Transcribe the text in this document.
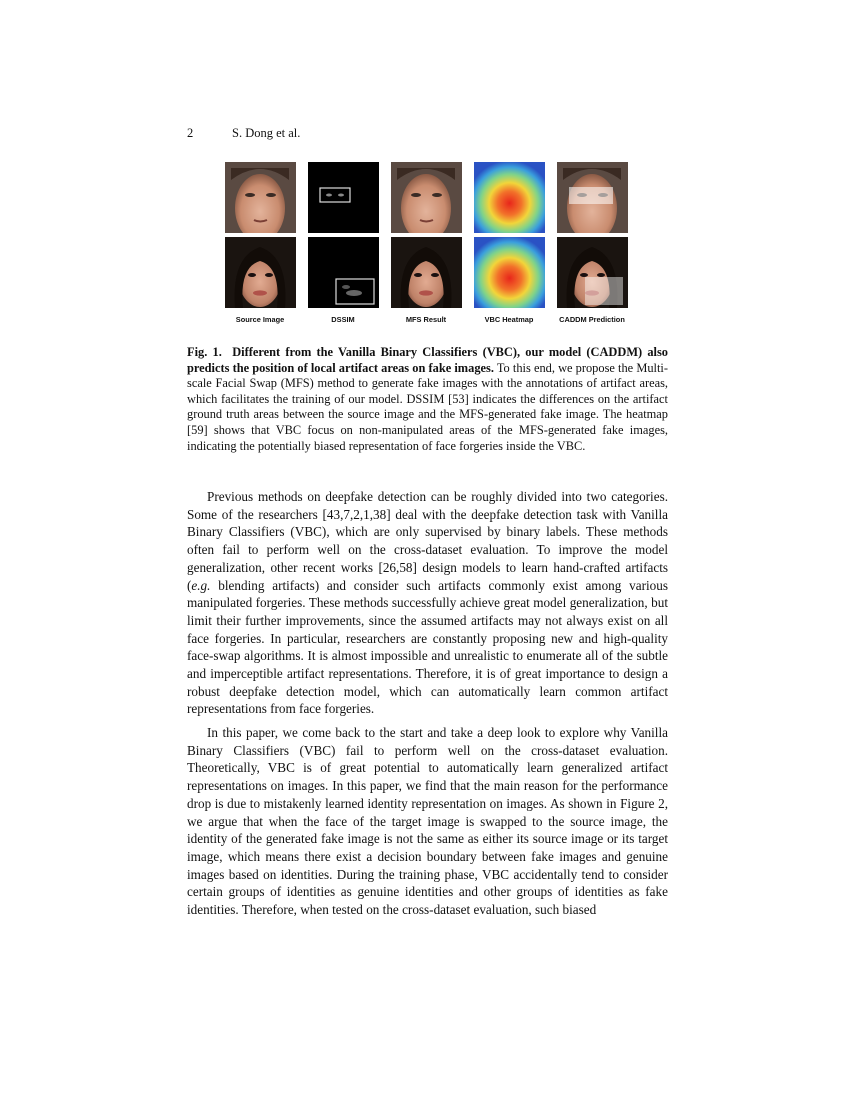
2	S. Dong et al.
Source Image	DSSIM	MFS Result	VBC Heatmap	CADDM Prediction
Fig. 1. Different from the Vanilla Binary Classifiers (VBC), our model (CADDM) also predicts the position of local artifact areas on fake images. To this end, we propose the Multi-scale Facial Swap (MFS) method to generate fake images with the annotations of artifact areas, which facilitates the training of our model. DSSIM [53] indicates the differences on the artifact ground truth areas between the source image and the MFS-generated fake image. The heatmap [59] shows that VBC focus on non-manipulated areas of the MFS-generated fake images, indicating the potentially biased representation of face forgeries inside the VBC.

Previous methods on deepfake detection can be roughly divided into two categories. Some of the researchers [43,7,2,1,38] deal with the deepfake detection task with Vanilla Binary Classifiers (VBC), which are only supervised by binary labels. These methods often fail to perform well on the cross-dataset evaluation. To improve the model generalization, other recent works [26,58] design models to learn hand-crafted artifacts (e.g. blending artifacts) and consider such artifacts commonly exist among various manipulated forgeries. These methods successfully achieve great model generalization, but limit their further improvements, since the assumed artifacts may not always exist on all face forgeries. In particular, researchers are constantly proposing new and high-quality face-swap algorithms. It is almost impossible and unrealistic to enumerate all of the subtle and imperceptible artifact representations. Therefore, it is of great importance to design a robust deepfake detection model, which can automatically learn common artifact representations from face forgeries.

In this paper, we come back to the start and take a deep look to explore why Vanilla Binary Classifiers (VBC) fail to perform well on the cross-dataset evaluation. Theoretically, VBC is of great potential to automatically learn generalized artifact representations on images. In this paper, we find that the main reason for the performance drop is due to mistakenly learned identity representation on images. As shown in Figure 2, we argue that when the face of the target image is swapped to the source image, the identity of the generated fake image is not the same as either its source image or its target image, which means there exist a decision boundary between fake images and genuine images based on identities. During the training phase, VBC accidentally tend to consider certain groups of identities as genuine identities and other groups of identities as fake identities. Therefore, when tested on the cross-dataset evaluation, such biased
